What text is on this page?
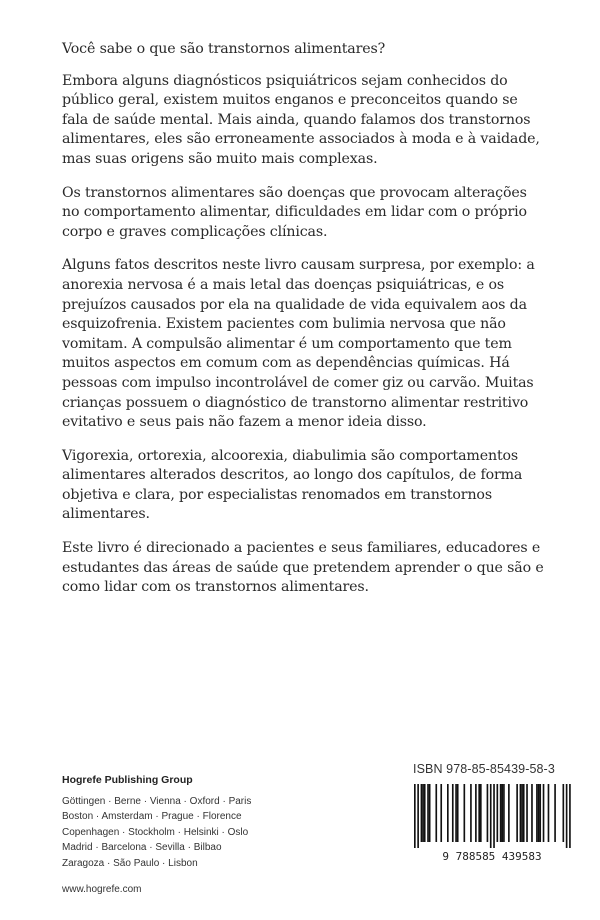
Você sabe o que são transtornos alimentares?

Embora alguns diagnósticos psiquiátricos sejam conhecidos do público geral, existem muitos enganos e preconceitos quando se fala de saúde mental. Mais ainda, quando falamos dos transtornos alimentares, eles são erroneamente associados à moda e à vaidade, mas suas origens são muito mais complexas.

Os transtornos alimentares são doenças que provocam alterações no comportamento alimentar, dificuldades em lidar com o próprio corpo e graves complicações clínicas.

Alguns fatos descritos neste livro causam surpresa, por exemplo: a anorexia nervosa é a mais letal das doenças psiquiátricas, e os prejuízos causados por ela na qualidade de vida equivalem aos da esquizofrenia. Existem pacientes com bulimia nervosa que não vomitam. A compulsão alimentar é um comportamento que tem muitos aspectos em comum com as dependências químicas. Há pessoas com impulso incontrolável de comer giz ou carvão. Muitas crianças possuem o diagnóstico de transtorno alimentar restritivo evitativo e seus pais não fazem a menor ideia disso.

Vigorexia, ortorexia, alcoorexia, diabulimia são comportamentos alimentares alterados descritos, ao longo dos capítulos, de forma objetiva e clara, por especialistas renomados em transtornos alimentares.

Este livro é direcionado a pacientes e seus familiares, educadores e estudantes das áreas de saúde que pretendem aprender o que são e como lidar com os transtornos alimentares.

Hogrefe Publishing Group
Göttingen · Berne · Vienna · Oxford · Paris
Boston · Amsterdam · Prague · Florence
Copenhagen · Stockholm · Helsinki · Oslo
Madrid · Barcelona · Sevilla · Bilbao
Zaragoza · São Paulo · Lisbon
www.hogrefe.com
ISBN 978-85-85439-58-3
9 788585 439583
